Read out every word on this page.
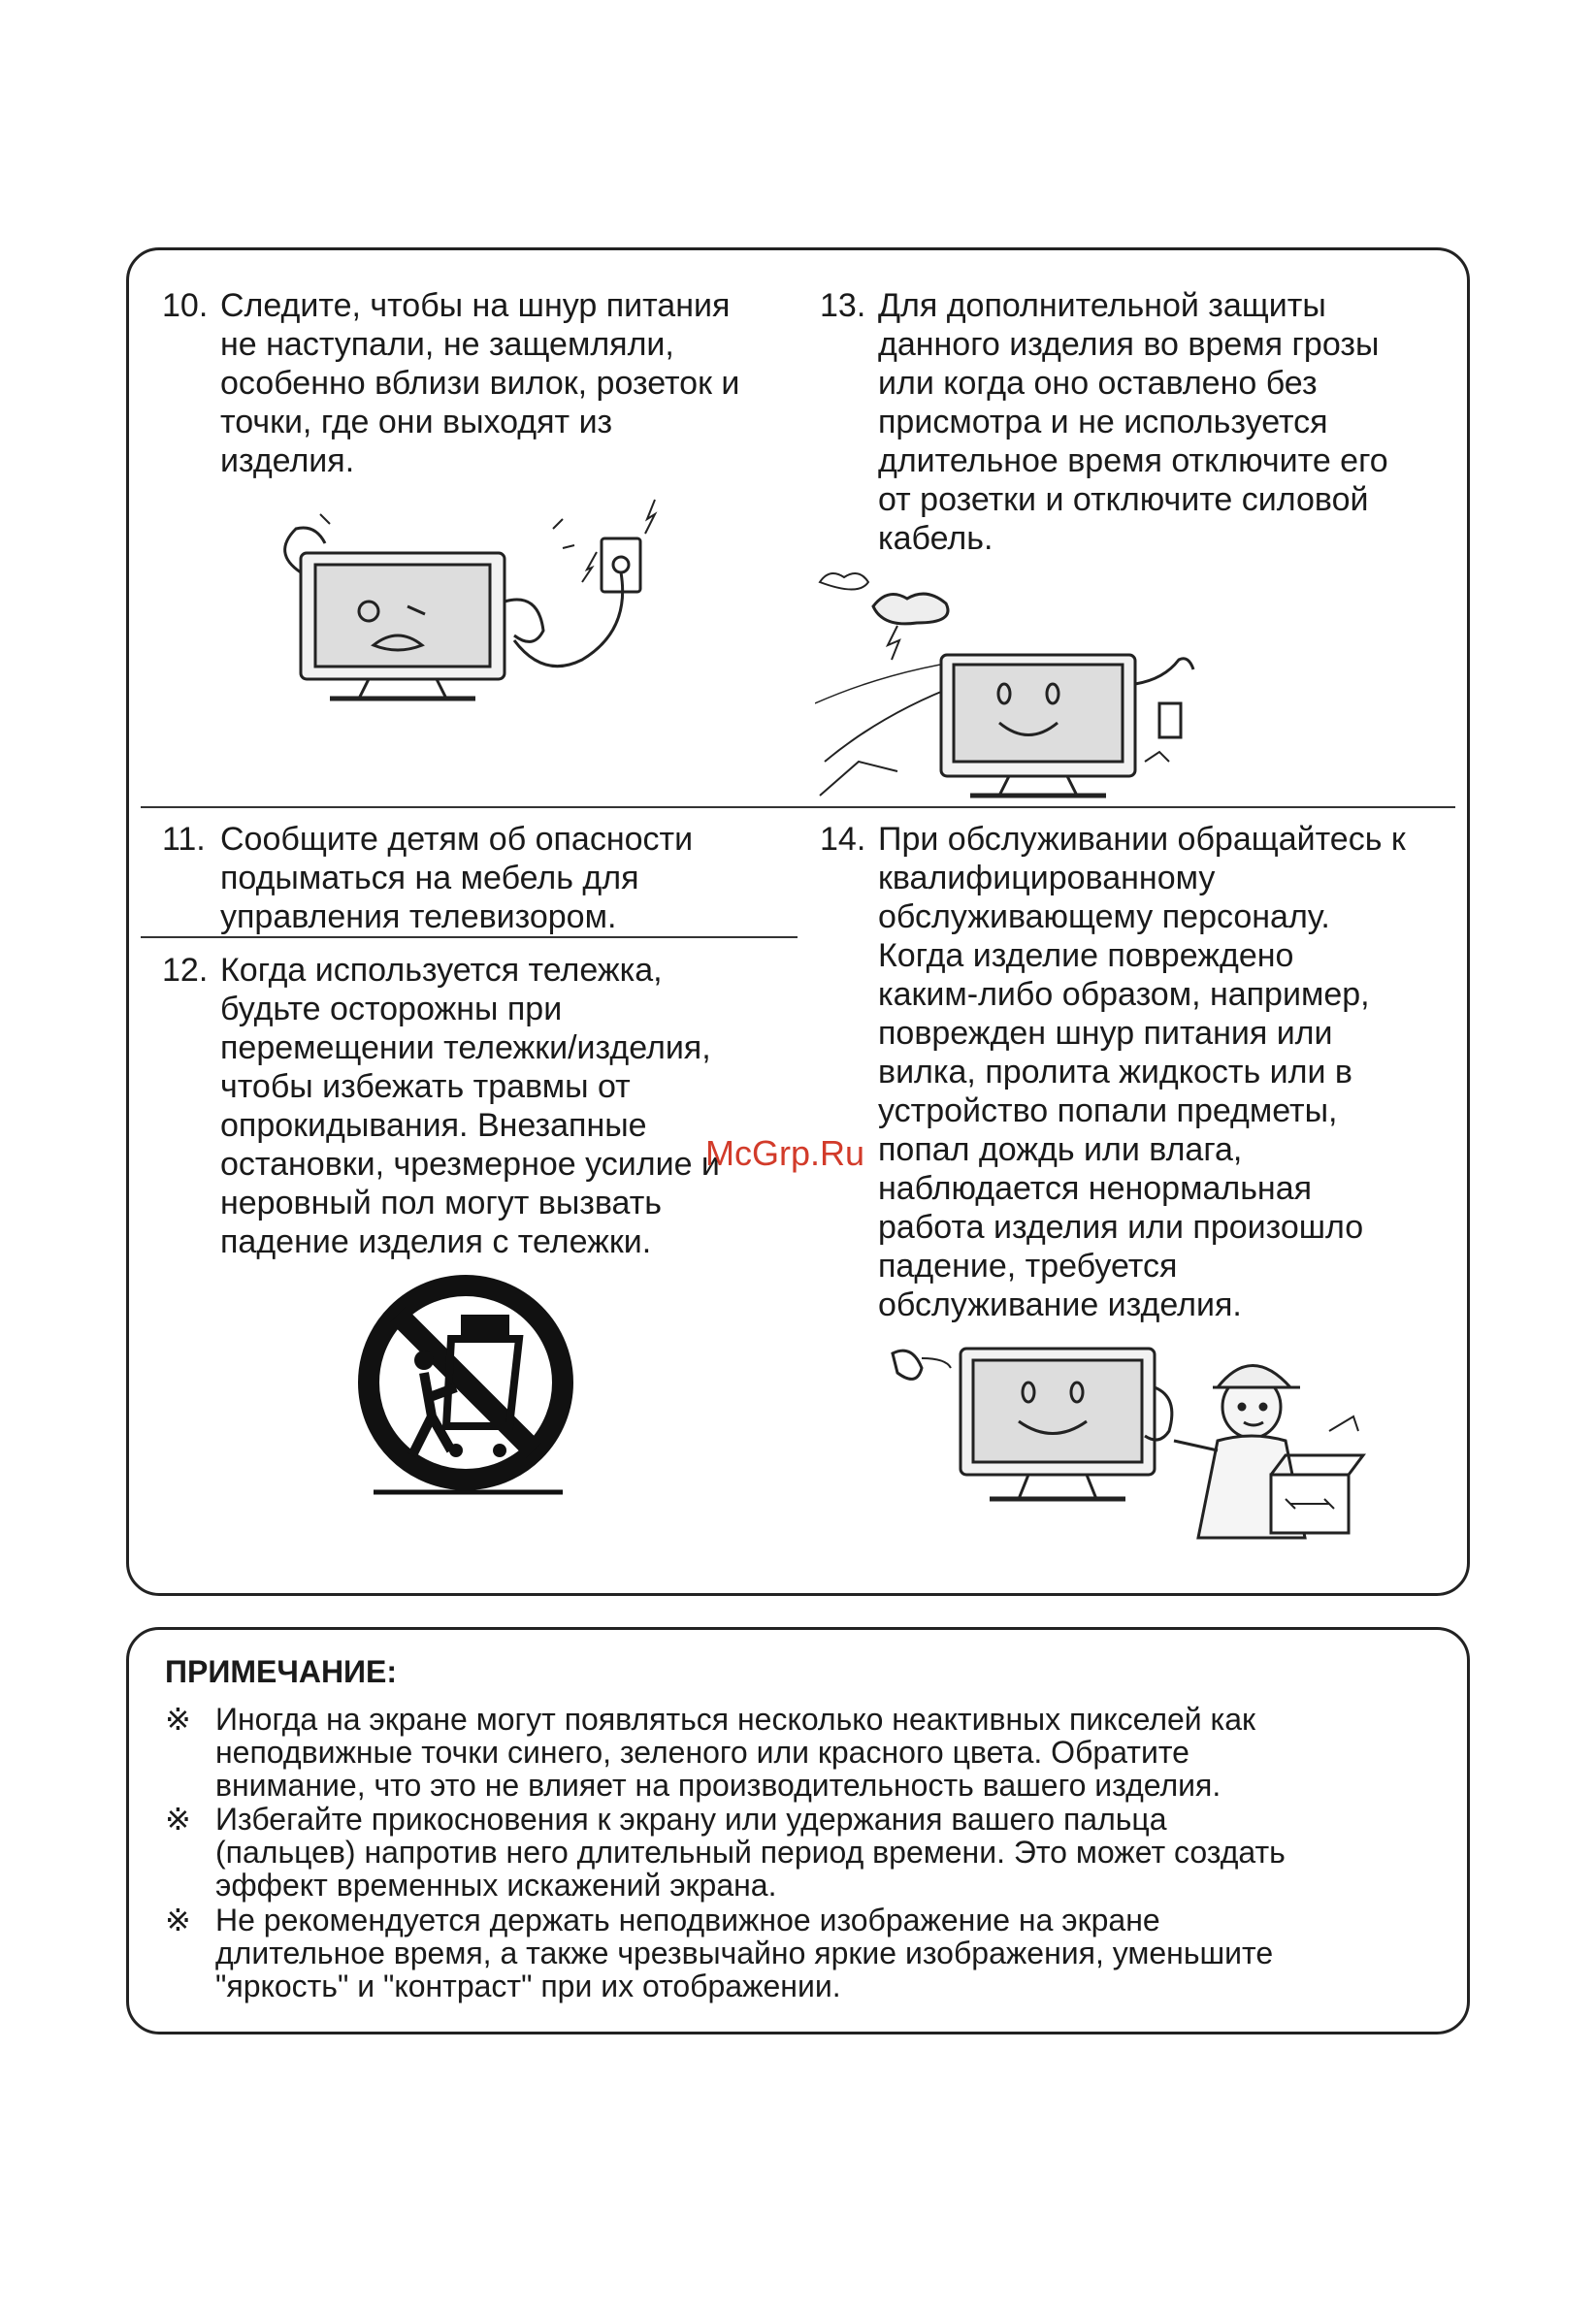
10. Следите, чтобы на шнур питания
не наступали, не защемляли,
особенно вблизи вилок, розеток и
точки, где они выходят из
изделия.
13. Для дополнительной защиты
данного изделия во время грозы
или когда оно оставлено без
присмотра и не используется
длительное время отключите его
от розетки и отключите силовой
кабель.
11. Сообщите детям об опасности
подыматься на мебель для
управления телевизором.
12. Когда используется тележка,
будьте осторожны при
перемещении тележки/изделия,
чтобы избежать травмы от
опрокидывания. Внезапные
остановки, чрезмерное усилие и
неровный пол могут вызвать
падение изделия с тележки.
14. При обслуживании обращайтесь к
квалифицированному
обслуживающему персоналу.
Когда изделие повреждено
каким-либо образом, например,
поврежден шнур питания или
вилка, пролита жидкость или в
устройство попали предметы,
попал дождь или влага,
наблюдается ненормальная
работа изделия или произошло
падение, требуется
обслуживание изделия.
McGrp.Ru
ПРИМЕЧАНИЕ:
※ Иногда на экране могут появляться несколько неактивных пикселей как
неподвижные точки синего, зеленого или красного цвета. Обратите
внимание, что это не влияет на производительность вашего изделия.
※ Избегайте прикосновения к экрану или удержания вашего пальца
(пальцев) напротив него длительный период времени. Это может создать
эффект временных искажений экрана.
※ Не рекомендуется держать неподвижное изображение на экране
длительное время, а также чрезвычайно яркие изображения, уменьшите
"яркость" и "контраст" при их отображении.
